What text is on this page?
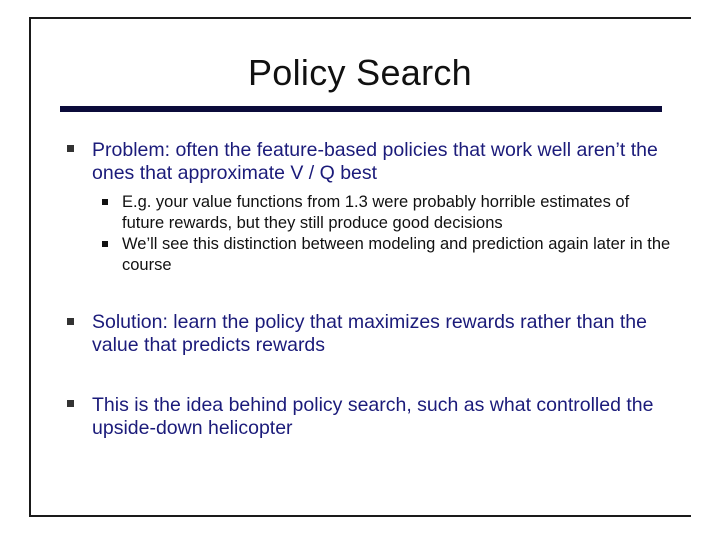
Policy Search
Problem: often the feature-based policies that work well aren’t the ones that approximate V / Q best
E.g. your value functions from 1.3 were probably horrible estimates of future rewards, but they still produce good decisions
We’ll see this distinction between modeling and prediction again later in the course
Solution: learn the policy that maximizes rewards rather than the value that predicts rewards
This is the idea behind policy search, such as what controlled the upside-down helicopter
